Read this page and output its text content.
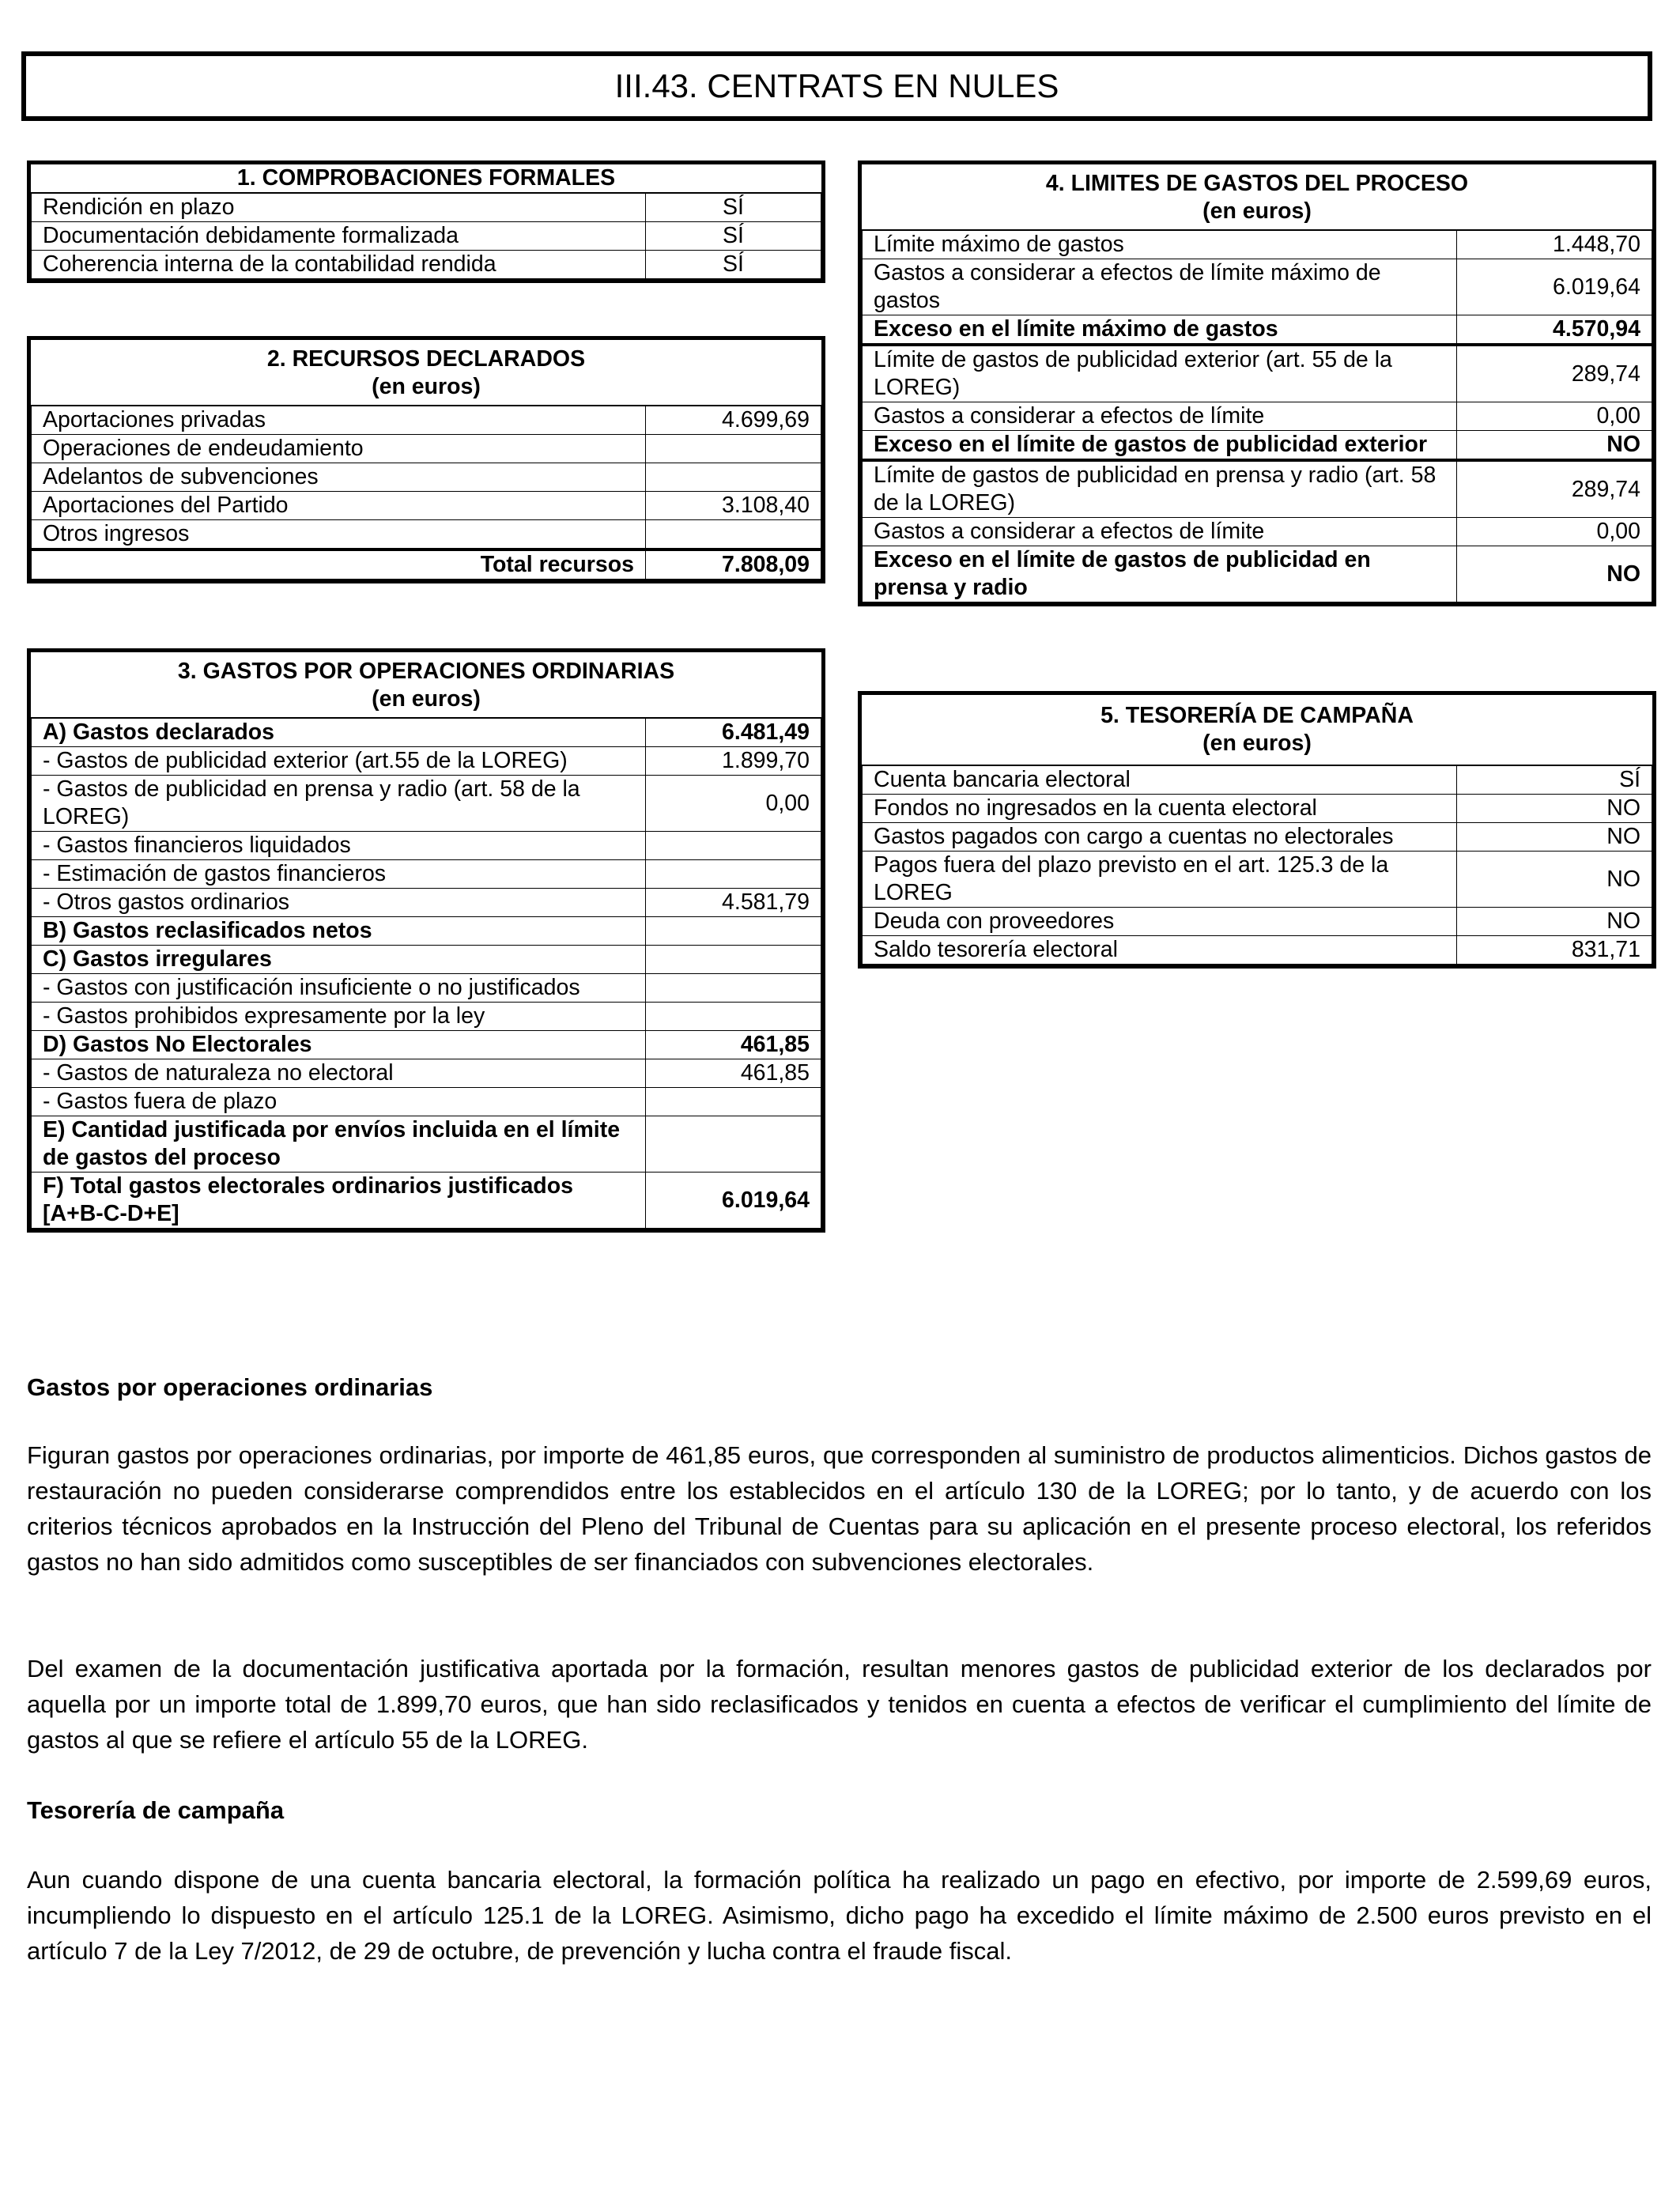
III.43. CENTRATS EN NULES
1. COMPROBACIONES FORMALES
Rendición en plazo	SÍ
Documentación debidamente formalizada	SÍ
Coherencia interna de la contabilidad rendida	SÍ
2. RECURSOS DECLARADOS
(en euros)
Aportaciones privadas	4.699,69
Operaciones de endeudamiento	
Adelantos de subvenciones	
Aportaciones del Partido	3.108,40
Otros ingresos	
Total recursos	7.808,09
3. GASTOS POR OPERACIONES ORDINARIAS
(en euros)
A) Gastos declarados	6.481,49
- Gastos de publicidad exterior (art.55 de la LOREG)	1.899,70
- Gastos de publicidad en prensa y radio (art. 58 de la LOREG)	0,00
- Gastos financieros liquidados	
- Estimación de gastos financieros	
- Otros gastos ordinarios	4.581,79
B) Gastos reclasificados netos	
C) Gastos irregulares	
- Gastos con justificación insuficiente o no justificados	
- Gastos prohibidos expresamente por la ley	
D) Gastos No Electorales	461,85
- Gastos de naturaleza no electoral	461,85
- Gastos fuera de plazo	
E) Cantidad justificada por envíos incluida en el límite de gastos del proceso	
F) Total gastos electorales ordinarios justificados [A+B-C-D+E]	6.019,64
4. LIMITES DE GASTOS DEL PROCESO
(en euros)
Límite máximo de gastos	1.448,70
Gastos a considerar a efectos de límite máximo de gastos	6.019,64
Exceso en el límite máximo de gastos	4.570,94
Límite de gastos de publicidad exterior (art. 55 de la LOREG)	289,74
Gastos a considerar a efectos de límite	0,00
Exceso en el límite de gastos de publicidad exterior	NO
Límite de gastos de publicidad en prensa y radio (art. 58 de la LOREG)	289,74
Gastos a considerar a efectos de límite	0,00
Exceso en el límite de gastos de publicidad en prensa y radio	NO
5. TESORERÍA DE CAMPAÑA
(en euros)
Cuenta bancaria electoral	SÍ
Fondos no ingresados en la cuenta electoral	NO
Gastos pagados con cargo a cuentas no electorales	NO
Pagos fuera del plazo previsto en el art. 125.3 de la LOREG	NO
Deuda con proveedores	NO
Saldo tesorería electoral	831,71
Gastos por operaciones ordinarias
Figuran gastos por operaciones ordinarias, por importe de 461,85 euros, que corresponden al suministro de productos alimenticios. Dichos gastos de restauración no pueden considerarse comprendidos entre los establecidos en el artículo 130 de la LOREG; por lo tanto, y de acuerdo con los criterios técnicos aprobados en la Instrucción del Pleno del Tribunal de Cuentas para su aplicación en el presente proceso electoral, los referidos gastos no han sido admitidos como susceptibles de ser financiados con subvenciones electorales.
Del examen de la documentación justificativa aportada por la formación, resultan menores gastos de publicidad exterior de los declarados por aquella por un importe total de 1.899,70 euros, que han sido reclasificados y tenidos en cuenta a efectos de verificar el cumplimiento del límite de gastos al que se refiere el artículo 55 de la LOREG.
Tesorería de campaña
Aun cuando dispone de una cuenta bancaria electoral, la formación política ha realizado un pago en efectivo, por importe de 2.599,69 euros, incumpliendo lo dispuesto en el artículo 125.1 de la LOREG. Asimismo, dicho pago ha excedido el límite máximo de 2.500 euros previsto en el artículo 7 de la Ley 7/2012, de 29 de octubre, de prevención y lucha contra el fraude fiscal.
